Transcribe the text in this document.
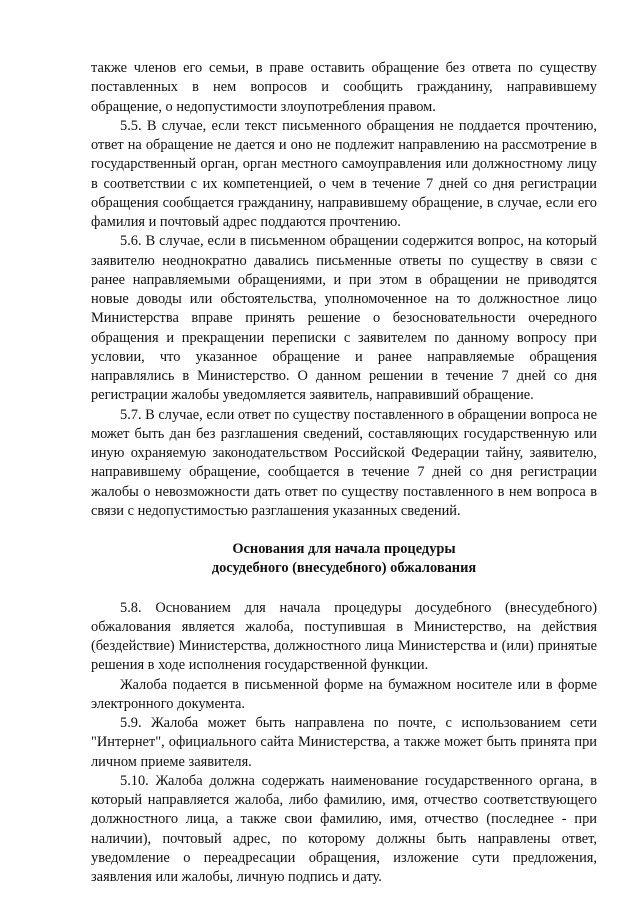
также членов его семьи, в праве оставить обращение без ответа по существу поставленных в нем вопросов и сообщить гражданину, направившему обращение, о недопустимости злоупотребления правом.

5.5. В случае, если текст письменного обращения не поддается прочтению, ответ на обращение не дается и оно не подлежит направлению на рассмотрение в государственный орган, орган местного самоуправления или должностному лицу в соответствии с их компетенцией, о чем в течение 7 дней со дня регистрации обращения сообщается гражданину, направившему обращение, в случае, если его фамилия и почтовый адрес поддаются прочтению.

5.6. В случае, если в письменном обращении содержится вопрос, на который заявителю неоднократно давались письменные ответы по существу в связи с ранее направляемыми обращениями, и при этом в обращении не приводятся новые доводы или обстоятельства, уполномоченное на то должностное лицо Министерства вправе принять решение о безосновательности очередного обращения и прекращении переписки с заявителем по данному вопросу при условии, что указанное обращение и ранее направляемые обращения направлялись в Министерство. О данном решении в течение 7 дней со дня регистрации жалобы уведомляется заявитель, направивший обращение.

5.7. В случае, если ответ по существу поставленного в обращении вопроса не может быть дан без разглашения сведений, составляющих государственную или иную охраняемую законодательством Российской Федерации тайну, заявителю, направившему обращение, сообщается в течение 7 дней со дня регистрации жалобы о невозможности дать ответ по существу поставленного в нем вопроса в связи с недопустимостью разглашения указанных сведений.

Основания для начала процедуры
досудебного (внесудебного) обжалования

5.8. Основанием для начала процедуры досудебного (внесудебного) обжалования является жалоба, поступившая в Министерство, на действия (бездействие) Министерства, должностного лица Министерства и (или) принятые решения в ходе исполнения государственной функции.

Жалоба подается в письменной форме на бумажном носителе или в форме электронного документа.

5.9. Жалоба может быть направлена по почте, с использованием сети "Интернет", официального сайта Министерства, а также может быть принята при личном приеме заявителя.

5.10. Жалоба должна содержать наименование государственного органа, в который направляется жалоба, либо фамилию, имя, отчество соответствующего должностного лица, а также свои фамилию, имя, отчество (последнее - при наличии), почтовый адрес, по которому должны быть направлены ответ, уведомление о переадресации обращения, изложение сути предложения, заявления или жалобы, личную подпись и дату.
